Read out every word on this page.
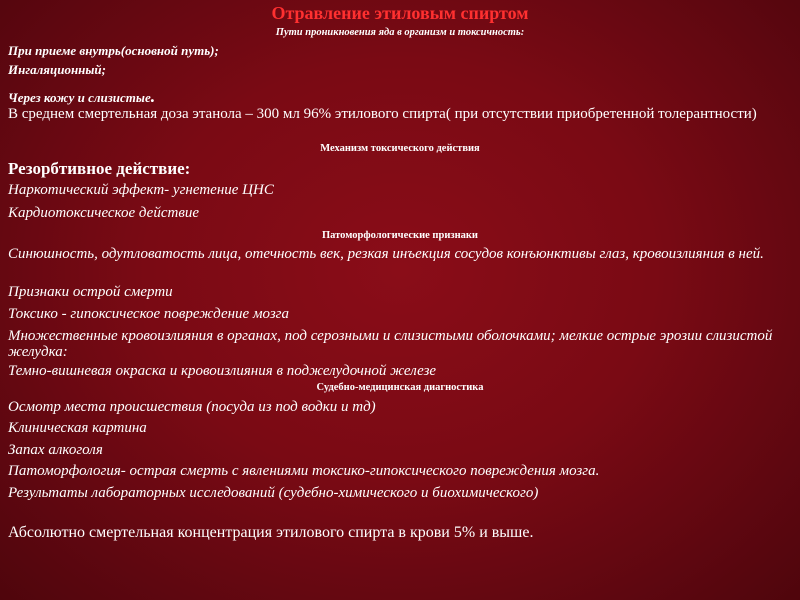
Отравление этиловым спиртом
Пути проникновения яда в организм и токсичность:
При приеме внутрь(основной путь);
Ингаляционный;
Через кожу и слизистые.
В среднем смертельная доза этанола – 300 мл 96% этилового спирта( при отсутствии приобретенной толерантности)
Механизм токсического действия
Резорбтивное действие:
Наркотический эффект- угнетение ЦНС
Кардиотоксическое действие
Патоморфологические признаки
Синюшность, одутловатость лица, отечность век, резкая инъекция сосудов конъюнктивы глаз, кровоизлияния в ней.
Признаки острой смерти
Токсико - гипоксическое повреждение мозга
Множественные кровоизлияния в органах, под серозными и слизистыми оболочками; мелкие острые эрозии слизистой желудка:
Темно-вишневая окраска и кровоизлияния в поджелудочной железе
Судебно-медицинская диагностика
Осмотр места происшествия (посуда из под водки и тд)
Клиническая картина
Запах алкоголя
Патоморфология- острая смерть с явлениями токсико-гипоксического повреждения мозга.
Результаты лабораторных исследований (судебно-химического и биохимического)
Абсолютно смертельная концентрация этилового спирта в крови 5% и выше.
